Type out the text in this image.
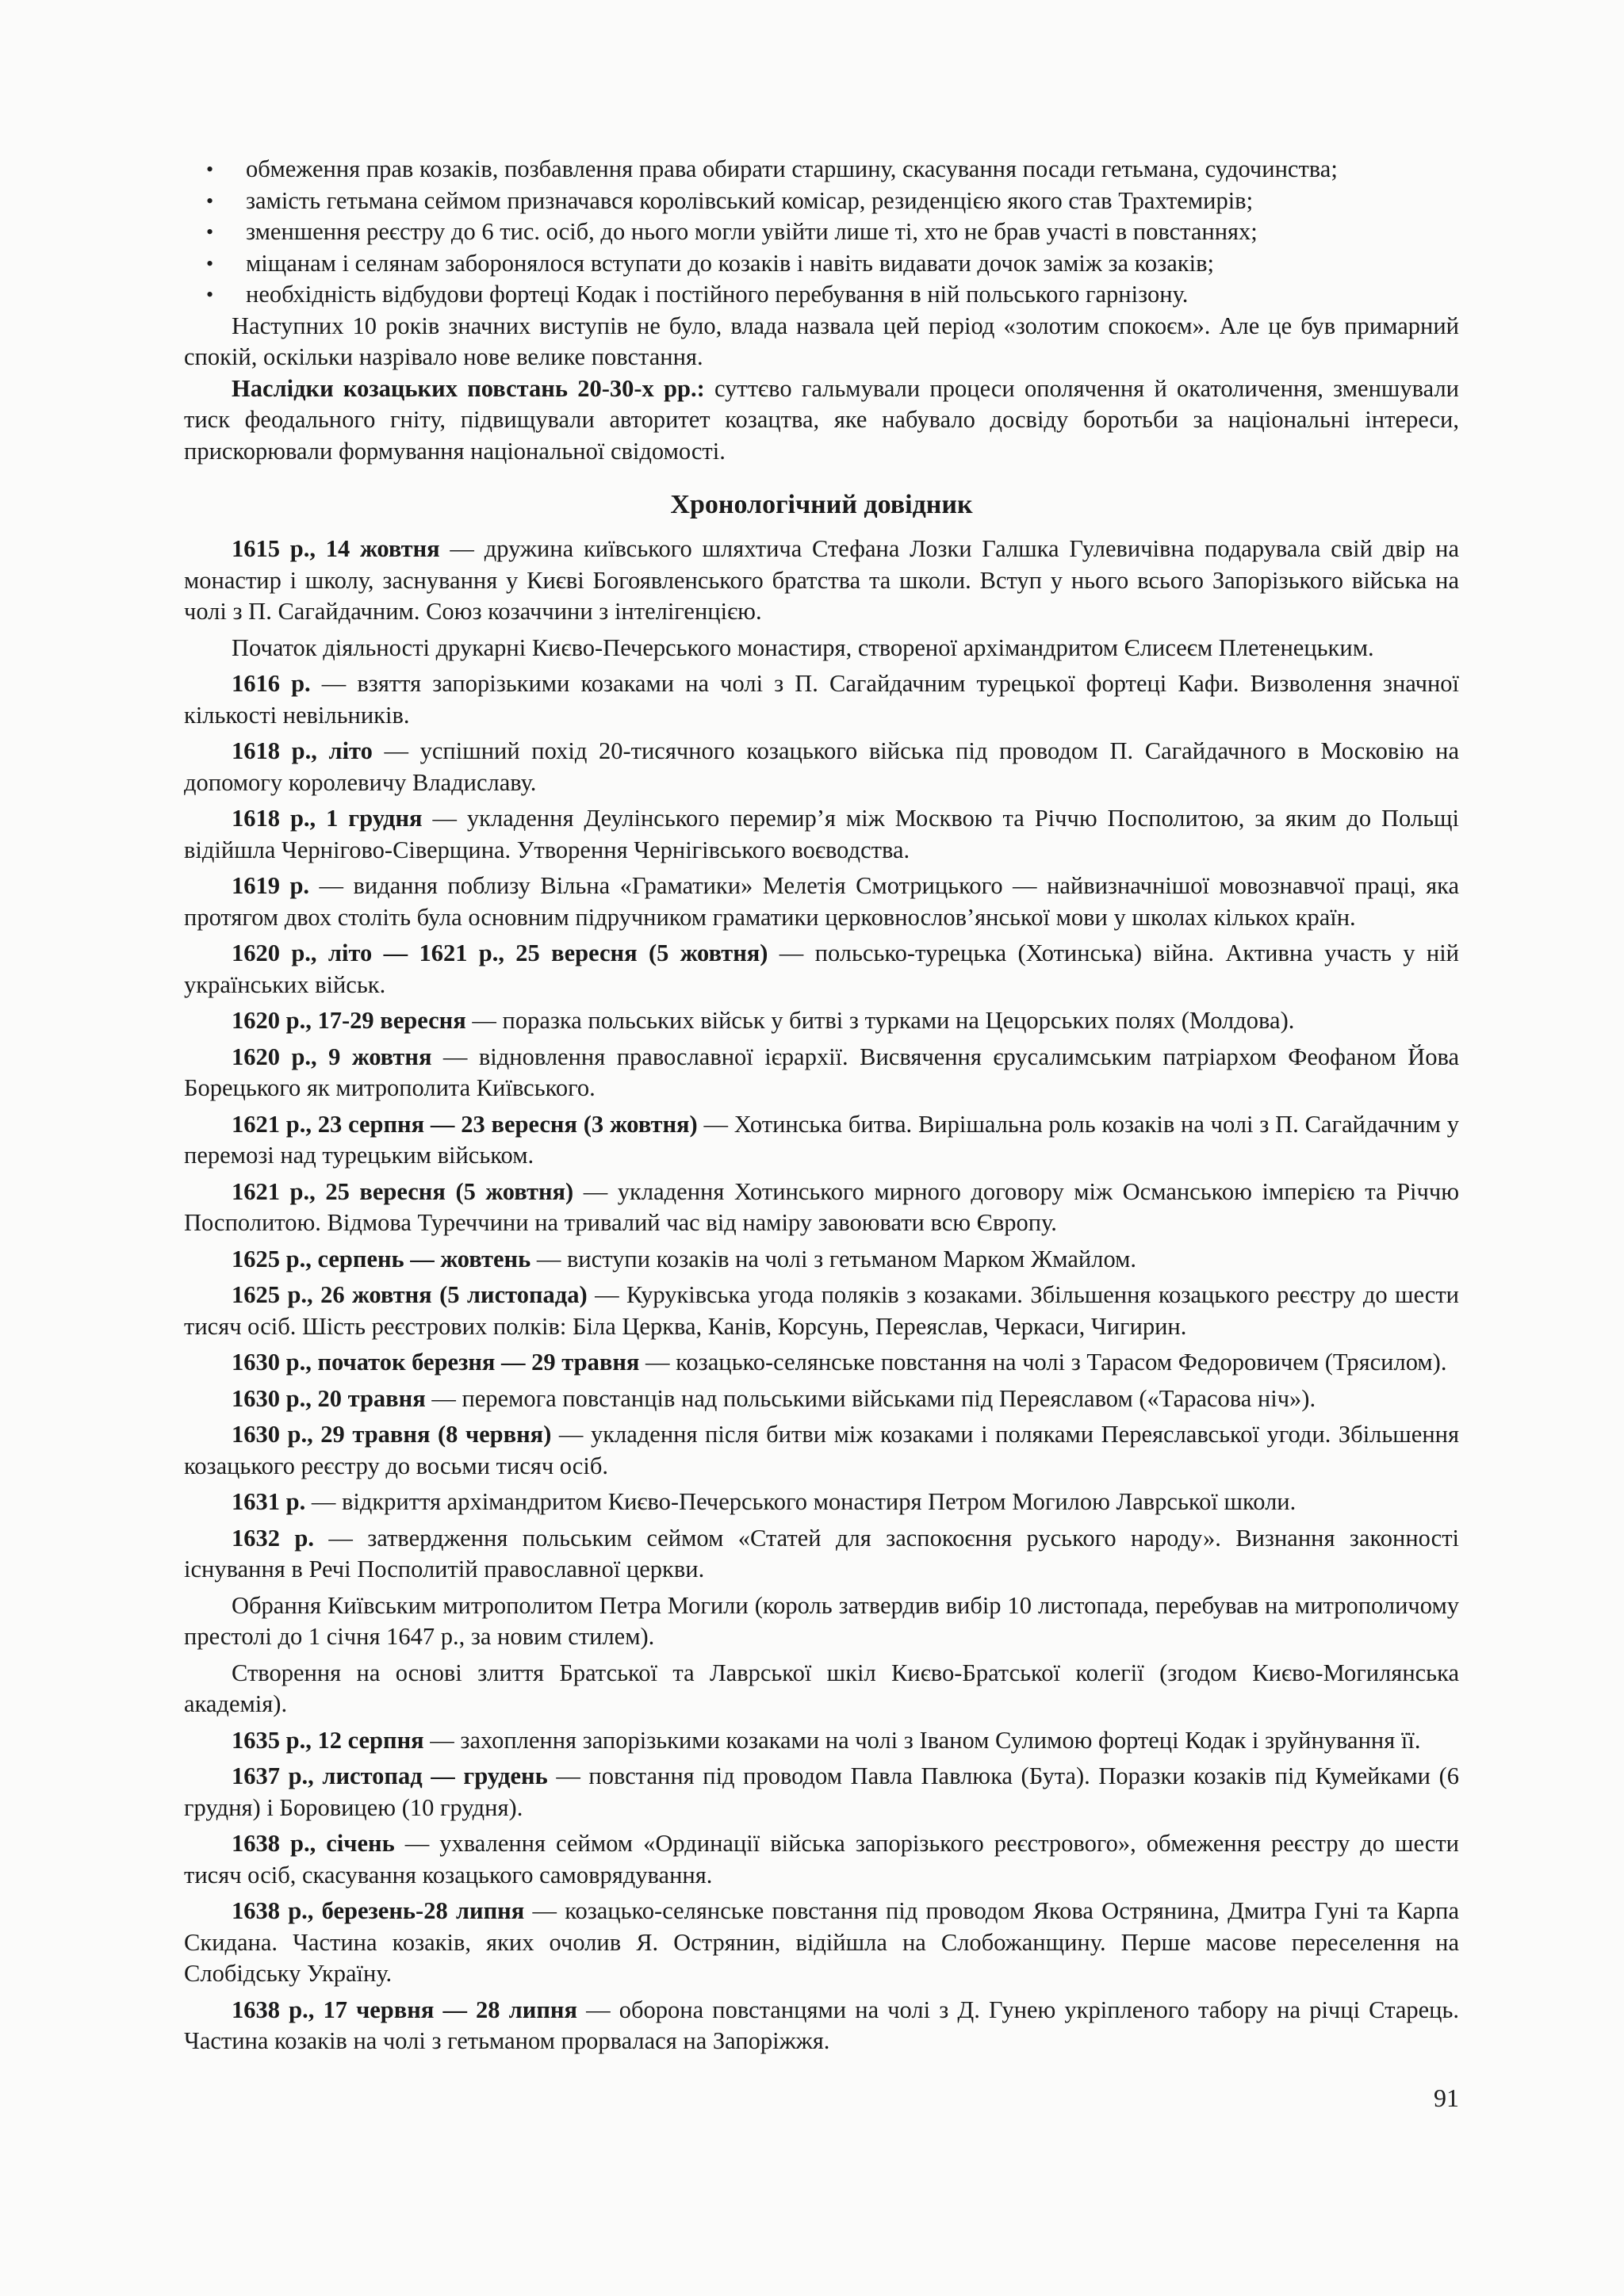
• обмеження прав козаків, позбавлення права обирати старшину, скасування посади гетьмана, судочинства;
• замість гетьмана сеймом призначався королівський комісар, резиденцією якого став Трахтемирів;
• зменшення реєстру до 6 тис. осіб, до нього могли увійти лише ті, хто не брав участі в повстаннях;
• міщанам і селянам заборонялося вступати до козаків і навіть видавати дочок заміж за козаків;
• необхідність відбудови фортеці Кодак і постійного перебування в ній польського гарнізону.

Наступних 10 років значних виступів не було, влада назвала цей період «золотим спокоєм». Але це був примарний спокій, оскільки назрівало нове велике повстання.

Наслідки козацьких повстань 20-30-х рр.: суттєво гальмували процеси ополячення й окатоличення, зменшували тиск феодального гніту, підвищували авторитет козацтва, яке набувало досвіду боротьби за національні інтереси, прискорювали формування національної свідомості.

Хронологічний довідник

1615 р., 14 жовтня — дружина київського шляхтича Стефана Лозки Галшка Гулевичівна подарувала свій двір на монастир і школу, заснування у Києві Богоявленського братства та школи. Вступ у нього всього Запорізького війська на чолі з П. Сагайдачним. Союз козаччини з інтелігенцією.

Початок діяльності друкарні Києво-Печерського монастиря, створеної архімандритом Єлисеєм Плетенецьким.

1616 р. — взяття запорізькими козаками на чолі з П. Сагайдачним турецької фортеці Кафи. Визволення значної кількості невільників.

1618 р., літо — успішний похід 20-тисячного козацького війська під проводом П. Сагайдачного в Московію на допомогу королевичу Владиславу.

1618 р., 1 грудня — укладення Деулінського перемир’я між Москвою та Річчю Посполитою, за яким до Польщі відійшла Чернігово-Сіверщина. Утворення Чернігівського воєводства.

1619 р. — видання поблизу Вільна «Граматики» Мелетія Смотрицького — найвизначнішої мовознавчої праці, яка протягом двох століть була основним підручником граматики церковнослов’янської мови у школах кількох країн.

1620 р., літо — 1621 р., 25 вересня (5 жовтня) — польсько-турецька (Хотинська) війна. Активна участь у ній українських військ.

1620 р., 17-29 вересня — поразка польських військ у битві з турками на Цецорських полях (Молдова).

1620 р., 9 жовтня — відновлення православної ієрархії. Висвячення єрусалимським патріархом Феофаном Йова Борецького як митрополита Київського.

1621 р., 23 серпня — 23 вересня (3 жовтня) — Хотинська битва. Вирішальна роль козаків на чолі з П. Сагайдачним у перемозі над турецьким військом.

1621 р., 25 вересня (5 жовтня) — укладення Хотинського мирного договору між Османською імперією та Річчю Посполитою. Відмова Туреччини на тривалий час від наміру завоювати всю Європу.

1625 р., серпень — жовтень — виступи козаків на чолі з гетьманом Марком Жмайлом.

1625 р., 26 жовтня (5 листопада) — Куруківська угода поляків з козаками. Збільшення козацького реєстру до шести тисяч осіб. Шість реєстрових полків: Біла Церква, Канів, Корсунь, Переяслав, Черкаси, Чигирин.

1630 р., початок березня — 29 травня — козацько-селянське повстання на чолі з Тарасом Федоровичем (Трясилом).

1630 р., 20 травня — перемога повстанців над польськими військами під Переяславом («Тарасова ніч»).

1630 р., 29 травня (8 червня) — укладення після битви між козаками і поляками Переяславської угоди. Збільшення козацького реєстру до восьми тисяч осіб.

1631 р. — відкриття архімандритом Києво-Печерського монастиря Петром Могилою Лаврської школи.

1632 р. — затвердження польським сеймом «Статей для заспокоєння руського народу». Визнання законності існування в Речі Посполитій православної церкви.

Обрання Київським митрополитом Петра Могили (король затвердив вибір 10 листопада, перебував на митрополичому престолі до 1 січня 1647 р., за новим стилем).

Створення на основі злиття Братської та Лаврської шкіл Києво-Братської колегії (згодом Києво-Могилянська академія).

1635 р., 12 серпня — захоплення запорізькими козаками на чолі з Іваном Сулимою фортеці Кодак і зруйнування її.

1637 р., листопад — грудень — повстання під проводом Павла Павлюка (Бута). Поразки козаків під Кумейками (6 грудня) і Боровицею (10 грудня).

1638 р., січень — ухвалення сеймом «Ординації війська запорізького реєстрового», обмеження реєстру до шести тисяч осіб, скасування козацького самоврядування.

1638 р., березень-28 липня — козацько-селянське повстання під проводом Якова Острянина, Дмитра Гуні та Карпа Скидана. Частина козаків, яких очолив Я. Острянин, відійшла на Слобожанщину. Перше масове переселення на Слобідську Україну.

1638 р., 17 червня — 28 липня — оборона повстанцями на чолі з Д. Гунею укріпленого табору на річці Старець. Частина козаків на чолі з гетьманом прорвалася на Запоріжжя.

91
